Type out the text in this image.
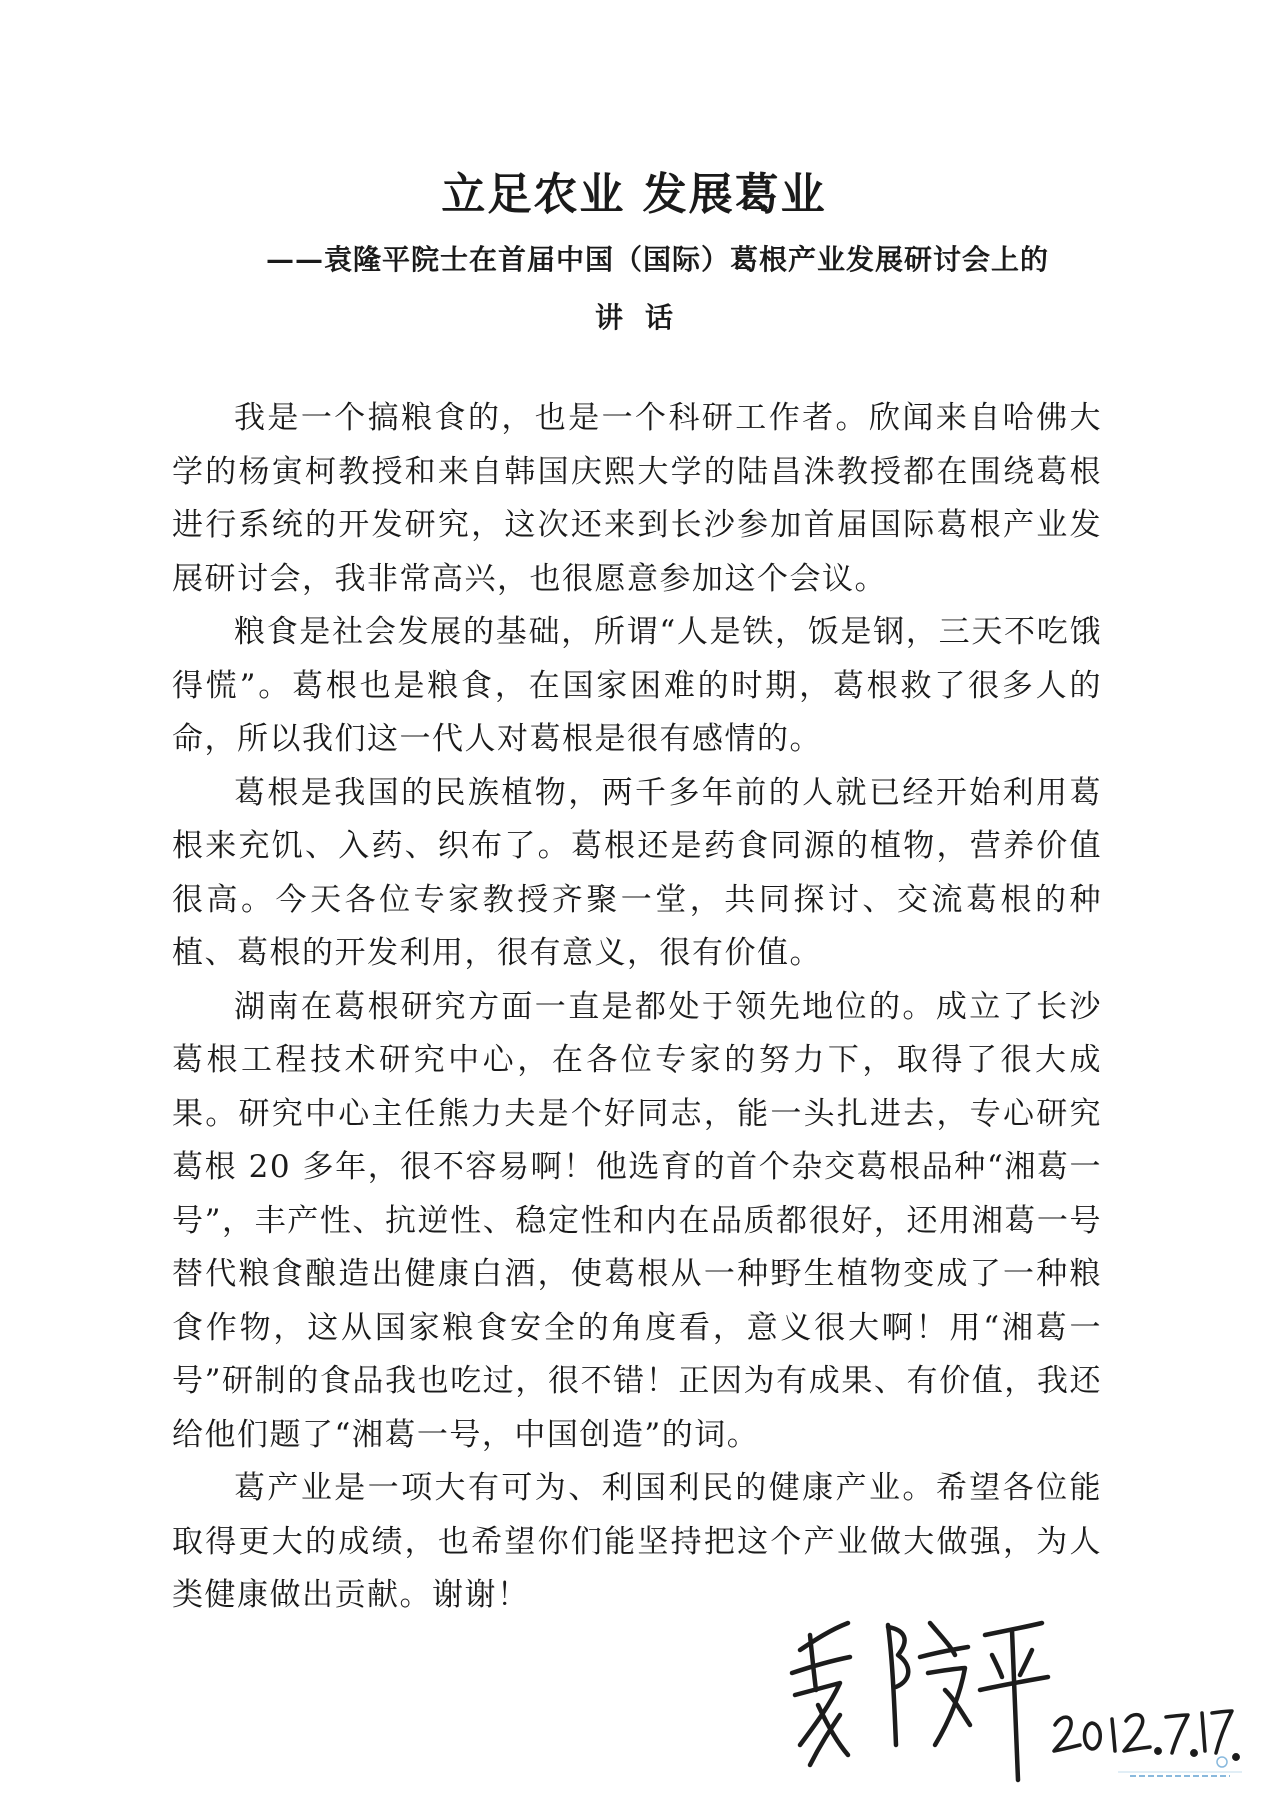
立足农业 发展葛业
——袁隆平院士在首届中国（国际）葛根产业发展研讨会上的
讲话

我是一个搞粮食的，也是一个科研工作者。欣闻来自哈佛大学的杨寅柯教授和来自韩国庆熙大学的陆昌洙教授都在围绕葛根进行系统的开发研究，这次还来到长沙参加首届国际葛根产业发展研讨会，我非常高兴，也很愿意参加这个会议。

粮食是社会发展的基础，所谓“人是铁，饭是钢，三天不吃饿得慌”。葛根也是粮食，在国家困难的时期，葛根救了很多人的命，所以我们这一代人对葛根是很有感情的。

葛根是我国的民族植物，两千多年前的人就已经开始利用葛根来充饥、入药、织布了。葛根还是药食同源的植物，营养价值很高。今天各位专家教授齐聚一堂，共同探讨、交流葛根的种植、葛根的开发利用，很有意义，很有价值。

湖南在葛根研究方面一直是都处于领先地位的。成立了长沙葛根工程技术研究中心，在各位专家的努力下，取得了很大成果。研究中心主任熊力夫是个好同志，能一头扎进去，专心研究葛根 20 多年，很不容易啊！他选育的首个杂交葛根品种“湘葛一号”，丰产性、抗逆性、稳定性和内在品质都很好，还用湘葛一号替代粮食酿造出健康白酒，使葛根从一种野生植物变成了一种粮食作物，这从国家粮食安全的角度看，意义很大啊！用“湘葛一号”研制的食品我也吃过，很不错！正因为有成果、有价值，我还给他们题了“湘葛一号，中国创造”的词。

葛产业是一项大有可为、利国利民的健康产业。希望各位能取得更大的成绩，也希望你们能坚持把这个产业做大做强，为人类健康做出贡献。谢谢！
